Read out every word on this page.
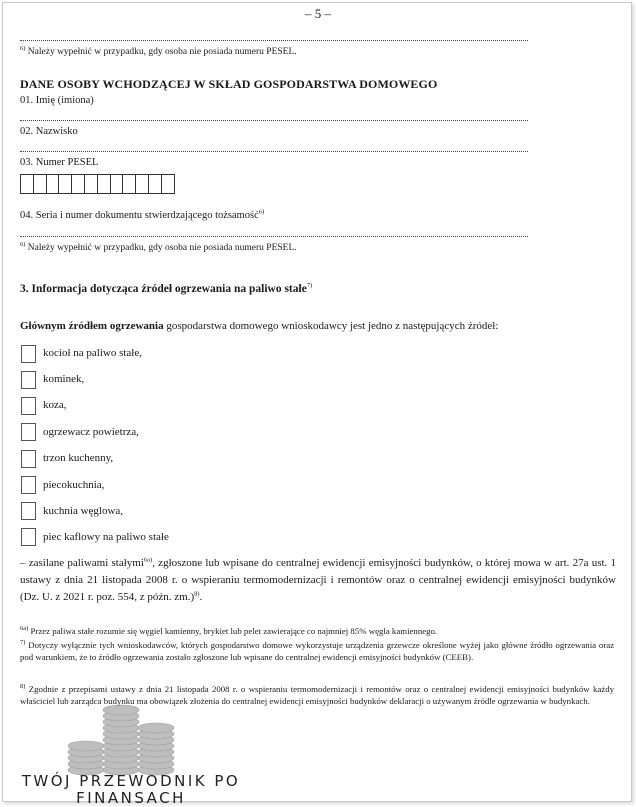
– 5 –
$^{6)}$ Należy wypełnić w przypadku, gdy osoba nie posiada numeru PESEL.
DANE OSOBY WCHODZĄCEJ W SKŁAD GOSPODARSTWA DOMOWEGO
01. Imię (imiona)
02. Nazwisko
03. Numer PESEL
04. Seria i numer dokumentu stwierdzającego tożsamość$^{6)}$
$^{6)}$ Należy wypełnić w przypadku, gdy osoba nie posiada numeru PESEL.
3. Informacja dotycząca źródeł ogrzewania na paliwo stałe$^{7)}$
Głównym źródłem ogrzewania gospodarstwa domowego wnioskodawcy jest jedno z następujących źródeł:
kocioł na paliwo stałe,
kominek,
koza,
ogrzewacz powietrza,
trzon kuchenny,
piecokuchnia,
kuchnia węglowa,
piec kaflowy na paliwo stałe
– zasilane paliwami stałymi$^{6a)}$, zgłoszone lub wpisane do centralnej ewidencji emisyjności budynków, o której mowa w art. 27a ust. 1 ustawy z dnia 21 listopada 2008 r. o wspieraniu termomodernizacji i remontów oraz o centralnej ewidencji emisyjności budynków (Dz. U. z 2021 r. poz. 554, z późn. zm.)$^{8)}$.
$^{6a)}$ Przez paliwa stałe rozumie się węgiel kamienny, brykiet lub pelet zawierające co najmniej 85% węgla kamiennego.
$^{7)}$ Dotyczy wyłącznie tych wnioskodawców, których gospodarstwo domowe wykorzystuje urządzenia grzewcze określone wyżej jako główne źródło ogrzewania oraz pod warunkiem, że to źródło ogrzewania zostało zgłoszone lub wpisane do centralnej ewidencji emisyjności budynków (CEEB).
$^{8)}$ Zgodnie z przepisami ustawy z dnia 21 listopada 2008 r. o wspieraniu termomodernizacji i remontów oraz o centralnej ewidencji emisyjności budynków każdy właściciel lub zarządca budynku ma obowiązek złożenia do centralnej ewidencji emisyjności budynków deklaracji o używanym źródle ogrzewania w budynkach.
TWÓJ PRZEWODNIK PO
FINANSACH
